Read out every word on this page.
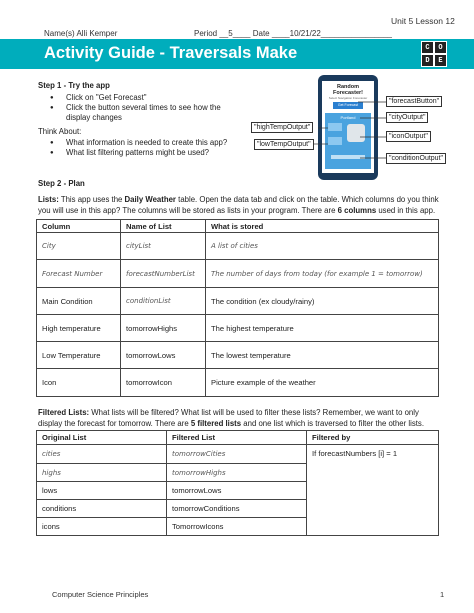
Unit 5 Lesson 12
Name(s) Alli Kemper	Period __5____ Date ____10/21/22________________
Activity Guide - Traversals Make	C	O
D	E
Step 1 - Try the app
● Click on "Get Forecast"
● Click the button several times to see how the display changes
Think About:
● What information is needed to create this app?
● What list filtering patterns might be used?
Random Forecaster!
Select Navigation Forecaster
Get Forecast
Portland
"forecastButton"
"cityOutput"
"highTempOutput"
"iconOutput"
"lowTempOutput"
"conditionOutput"
Step 2 - Plan
Lists: This app uses the Daily Weather table. Open the data tab and click on the table. Which columns do you think you will use in this app? The columns will be stored as lists in your program. There are 6 columns used in this app.
Column	Name of List	What is stored
City	cityList	A list of cities
Forecast Number	forecastNumberList	The number of days from today (for example 1 = tomorrow)
Main Condition	conditionList	The condition (ex cloudy/rainy)
High temperature	tomorrowHighs	The highest temperature
Low Temperature	tomorrowLows	The lowest temperature
Icon	tomorrowIcon	Picture example of the weather
Filtered Lists: What lists will be filtered? What list will be used to filter these lists? Remember, we want to only display the forecast for tomorrow. There are 5 filtered lists and one list which is traversed to filter the other lists.
Original List	Filtered List	Filtered by
cities	tomorrowCities	If forecastNumbers [i] = 1
highs	tomorrowHighs	
lows	tomorrowLows	
conditions	tomorrowConditions	
icons	TomorrowIcons	
Computer Science Principles	1
